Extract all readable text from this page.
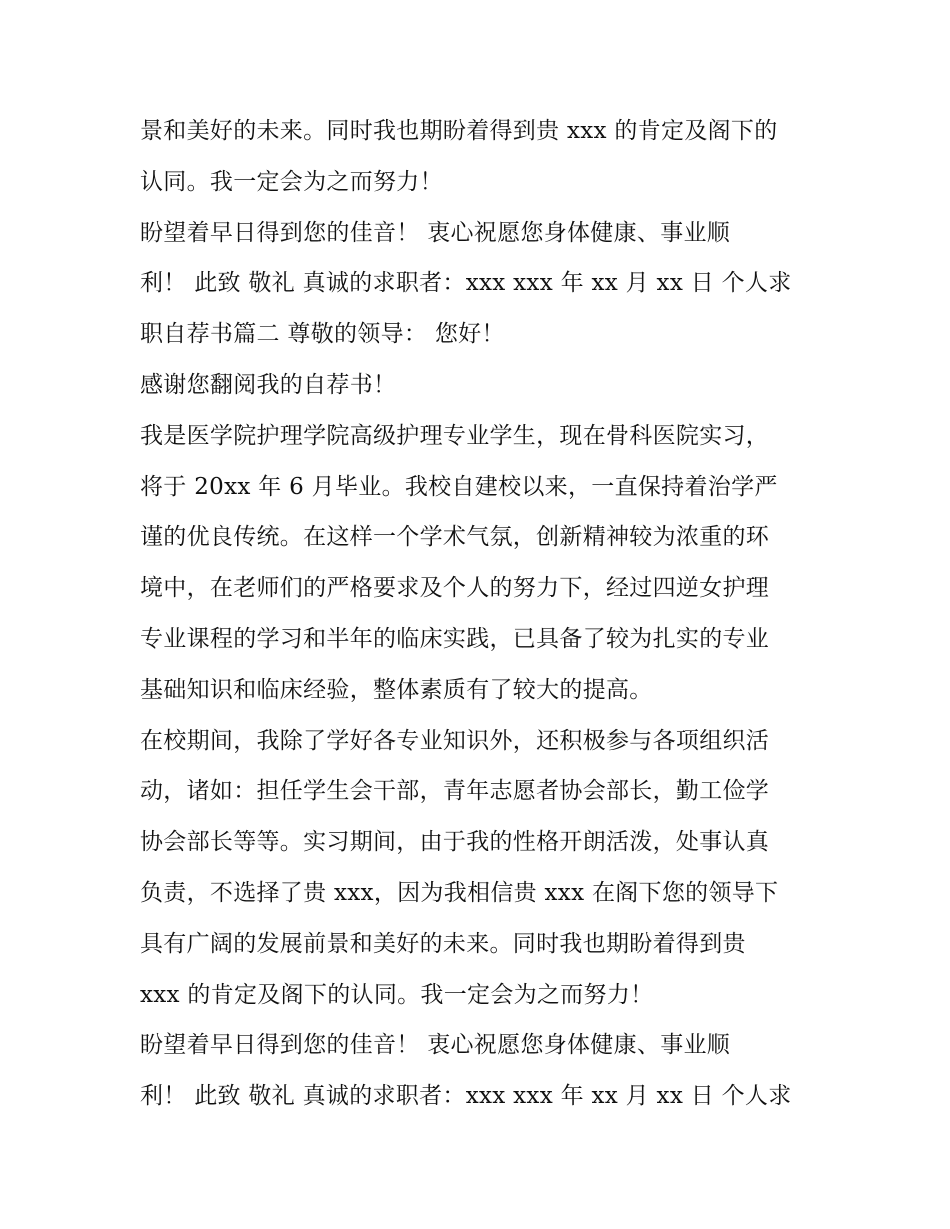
景和美好的未来。同时我也期盼着得到贵 xxx 的肯定及阁下的
认同。我一定会为之而努力！
盼望着早日得到您的佳音！ 衷心祝愿您身体健康、事业顺
利！ 此致 敬礼 真诚的求职者：xxx xxx 年 xx 月 xx 日 个人求
职自荐书篇二 尊敬的领导： 您好！
感谢您翻阅我的自荐书！
我是医学院护理学院高级护理专业学生，现在骨科医院实习，
将于 20xx 年 6 月毕业。我校自建校以来，一直保持着治学严
谨的优良传统。在这样一个学术气氛，创新精神较为浓重的环
境中，在老师们的严格要求及个人的努力下，经过四逆女护理
专业课程的学习和半年的临床实践，已具备了较为扎实的专业
基础知识和临床经验，整体素质有了较大的提高。
在校期间，我除了学好各专业知识外，还积极参与各项组织活
动，诸如：担任学生会干部，青年志愿者协会部长，勤工俭学
协会部长等等。实习期间，由于我的性格开朗活泼，处事认真
负责，不选择了贵 xxx，因为我相信贵 xxx 在阁下您的领导下
具有广阔的发展前景和美好的未来。同时我也期盼着得到贵
xxx 的肯定及阁下的认同。我一定会为之而努力！
盼望着早日得到您的佳音！ 衷心祝愿您身体健康、事业顺
利！ 此致 敬礼 真诚的求职者：xxx xxx 年 xx 月 xx 日 个人求
